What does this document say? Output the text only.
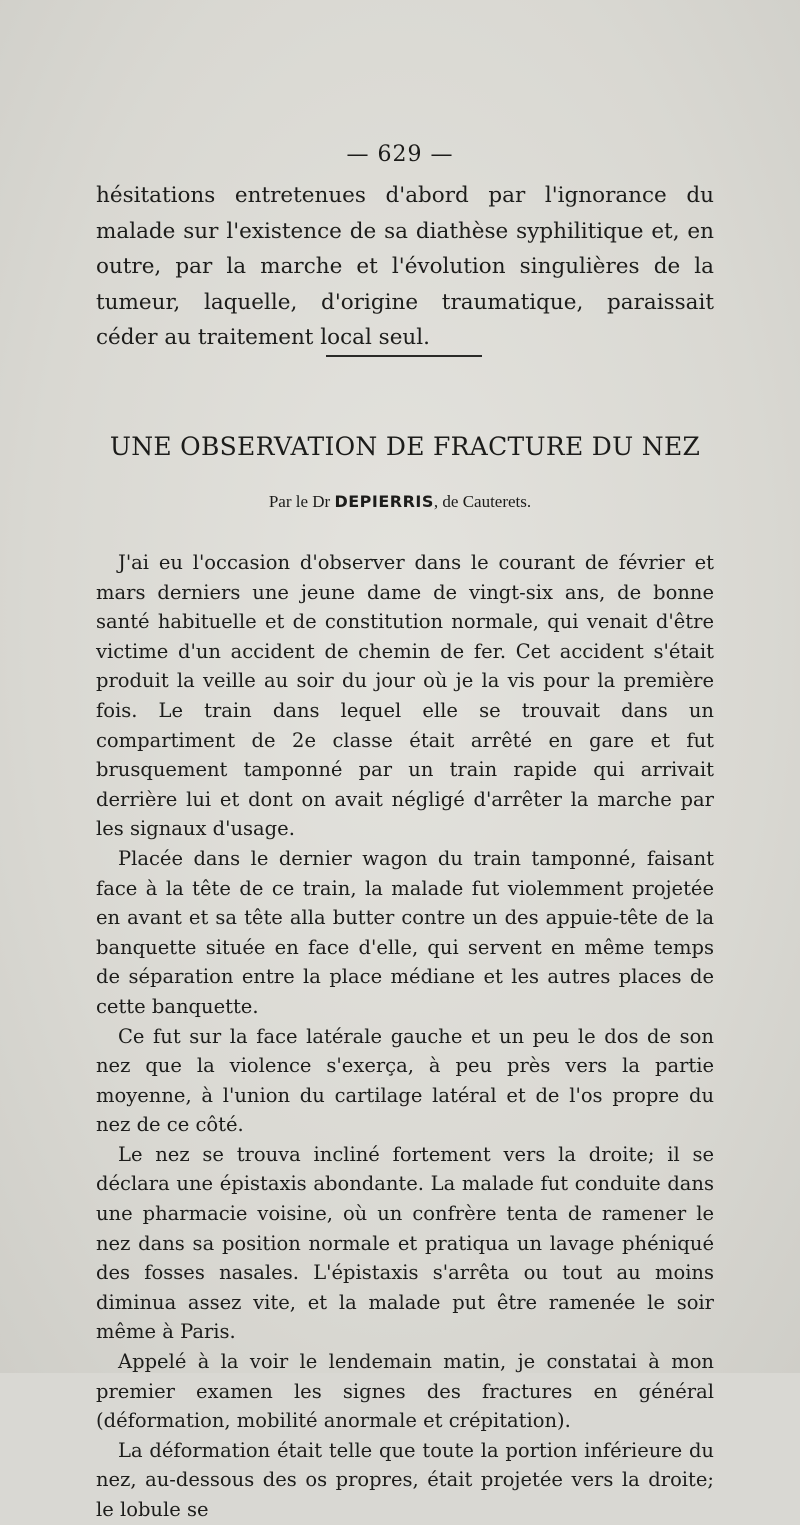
— 629 —

hésitations entretenues d'abord par l'ignorance du malade sur l'existence de sa diathèse syphilitique et, en outre, par la marche et l'évolution singulières de la tumeur, laquelle, d'origine traumatique, paraissait céder au traitement local seul.

UNE OBSERVATION DE FRACTURE DU NEZ
Par le Dr DEPIERRIS, de Cauterets.

J'ai eu l'occasion d'observer dans le courant de février et mars derniers une jeune dame de vingt-six ans, de bonne santé habituelle et de constitution normale, qui venait d'être victime d'un accident de chemin de fer. Cet accident s'était produit la veille au soir du jour où je la vis pour la première fois. Le train dans lequel elle se trouvait dans un compartiment de 2e classe était arrêté en gare et fut brusquement tamponné par un train rapide qui arrivait derrière lui et dont on avait négligé d'arrêter la marche par les signaux d'usage.

Placée dans le dernier wagon du train tamponné, faisant face à la tête de ce train, la malade fut violemment projetée en avant et sa tête alla butter contre un des appuie-tête de la banquette située en face d'elle, qui servent en même temps de séparation entre la place médiane et les autres places de cette banquette.

Ce fut sur la face latérale gauche et un peu le dos de son nez que la violence s'exerça, à peu près vers la partie moyenne, à l'union du cartilage latéral et de l'os propre du nez de ce côté.

Le nez se trouva incliné fortement vers la droite; il se déclara une épistaxis abondante. La malade fut conduite dans une pharmacie voisine, où un confrère tenta de ramener le nez dans sa position normale et pratiqua un lavage phéniqué des fosses nasales. L'épistaxis s'arrêta ou tout au moins diminua assez vite, et la malade put être ramenée le soir même à Paris.

Appelé à la voir le lendemain matin, je constatai à mon premier examen les signes des fractures en général (déformation, mobilité anormale et crépitation).

La déformation était telle que toute la portion inférieure du nez, au-dessous des os propres, était projetée vers la droite; le lobule se
